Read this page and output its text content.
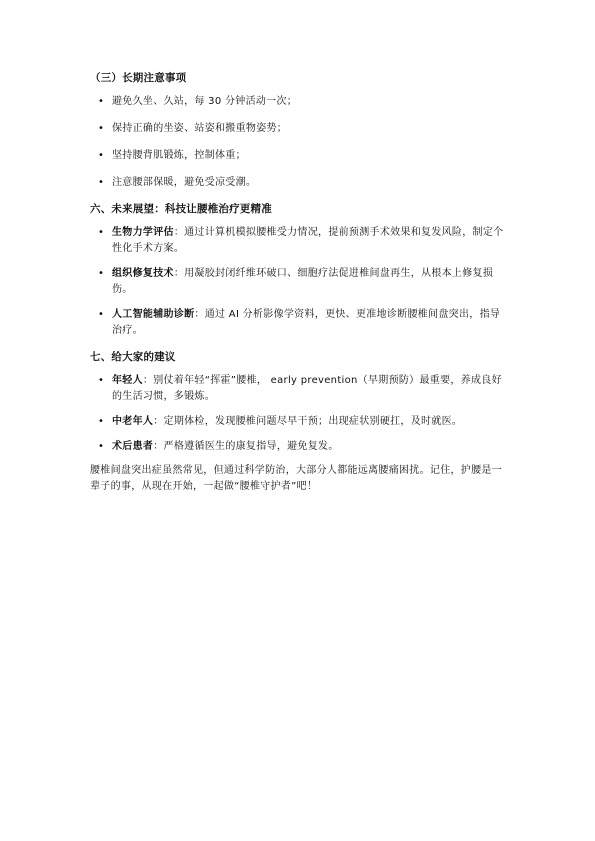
（三）长期注意事项
• 避免久坐、久站，每 30 分钟活动一次；
• 保持正确的坐姿、站姿和搬重物姿势；
• 坚持腰背肌锻炼，控制体重；
• 注意腰部保暖，避免受凉受潮。
六、未来展望：科技让腰椎治疗更精准
• 生物力学评估：通过计算机模拟腰椎受力情况，提前预测手术效果和复发风险，制定个性化手术方案。
• 组织修复技术：用凝胶封闭纤维环破口、细胞疗法促进椎间盘再生，从根本上修复损伤。
• 人工智能辅助诊断：通过 AI 分析影像学资料，更快、更准地诊断腰椎间盘突出，指导治疗。
七、给大家的建议
• 年轻人：别仗着年轻“挥霍”腰椎， early prevention（早期预防）最重要，养成良好的生活习惯，多锻炼。
• 中老年人：定期体检，发现腰椎问题尽早干预；出现症状别硬扛，及时就医。
• 术后患者：严格遵循医生的康复指导，避免复发。

腰椎间盘突出症虽然常见，但通过科学防治，大部分人都能远离腰痛困扰。记住，护腰是一辈子的事，从现在开始，一起做“腰椎守护者”吧！
